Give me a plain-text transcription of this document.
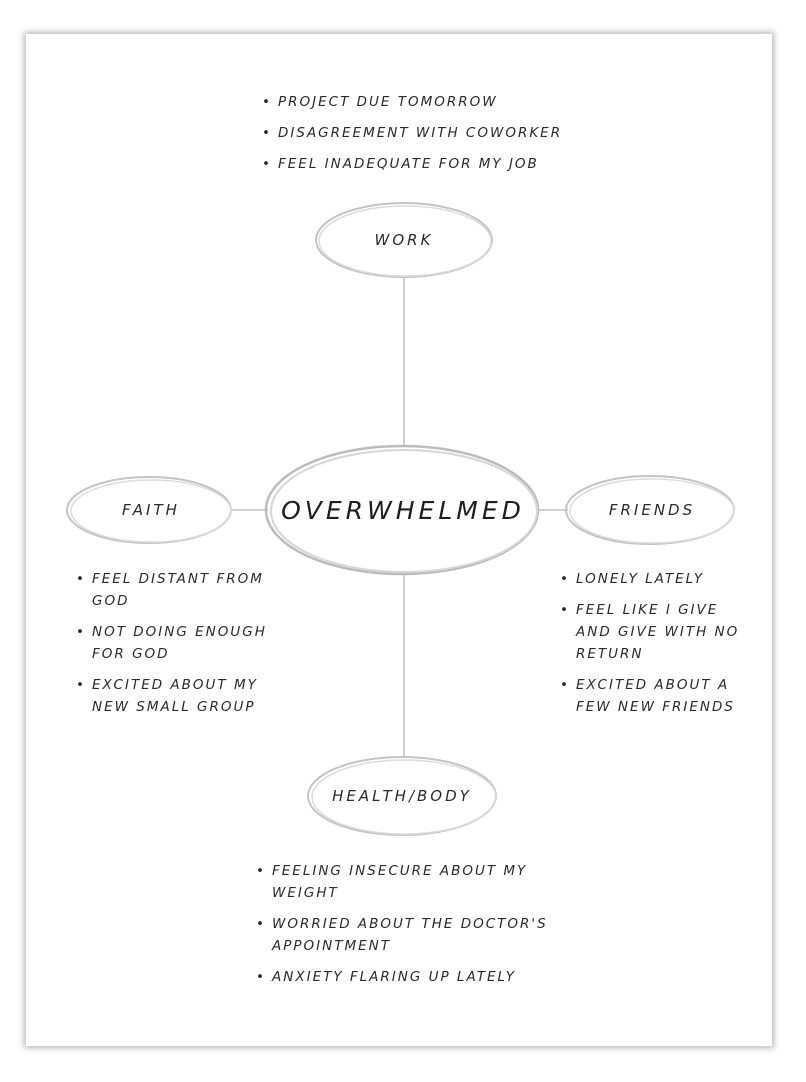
• PROJECT DUE TOMORROW
• DISAGREEMENT WITH COWORKER
• FEEL INADEQUATE FOR MY JOB
WORK
OVERWHELMED
FAITH	FRIENDS
HEALTH/BODY
• FEEL DISTANT FROM GOD
• NOT DOING ENOUGH FOR GOD
• EXCITED ABOUT MY NEW SMALL GROUP
• LONELY LATELY
• FEEL LIKE I GIVE AND GIVE WITH NO RETURN
• EXCITED ABOUT A FEW NEW FRIENDS
• FEELING INSECURE ABOUT MY WEIGHT
• WORRIED ABOUT THE DOCTOR'S APPOINTMENT
• ANXIETY FLARING UP LATELY
